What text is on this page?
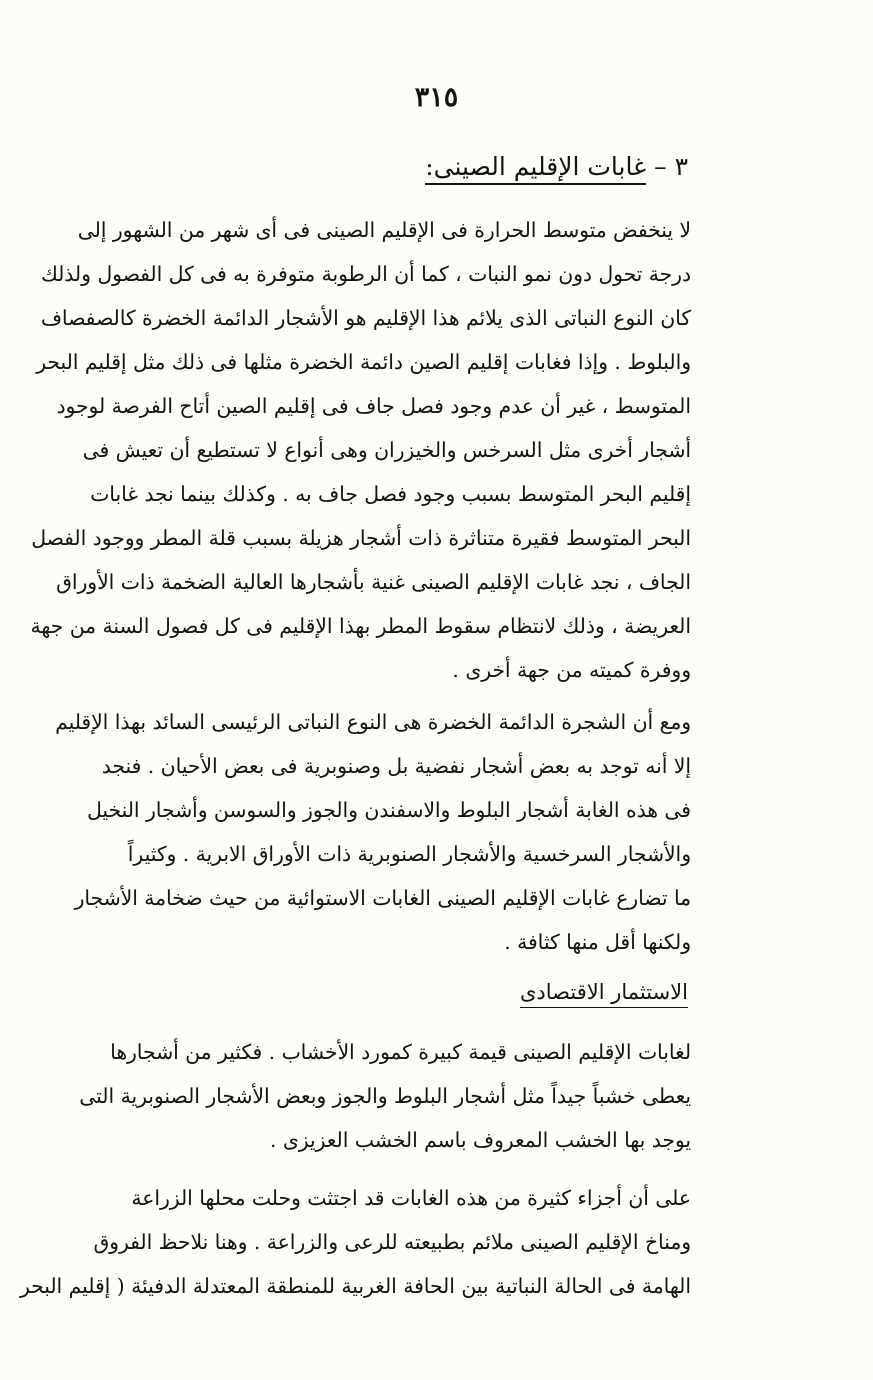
٣١٥
٣ – غابات الإقليم الصينى:
لا ينخفض متوسط الحرارة فى الإقليم الصينى فى أى شهر من الشهور إلى
درجة تحول دون نمو النبات ، كما أن الرطوبة متوفرة به فى كل الفصول ولذلك
كان النوع النباتى الذى يلائم هذا الإقليم هو الأشجار الدائمة الخضرة كالصفصاف
والبلوط . وإذا فغابات إقليم الصين دائمة الخضرة مثلها فى ذلك مثل إقليم البحر
المتوسط ، غير أن عدم وجود فصل جاف فى إقليم الصين أتاح الفرصة لوجود
أشجار أخرى مثل السرخس والخيزران وهى أنواع لا تستطيع أن تعيش فى
إقليم البحر المتوسط بسبب وجود فصل جاف به . وكذلك بينما نجد غابات
البحر المتوسط فقيرة متناثرة ذات أشجار هزيلة بسبب قلة المطر ووجود الفصل
الجاف ، نجد غابات الإقليم الصينى غنية بأشجارها العالية الضخمة ذات الأوراق
العريضة ، وذلك لانتظام سقوط المطر بهذا الإقليم فى كل فصول السنة من جهة
ووفرة كميته من جهة أخرى .
ومع أن الشجرة الدائمة الخضرة هى النوع النباتى الرئيسى السائد بهذا الإقليم
إلا أنه توجد به بعض أشجار نفضية بل وصنوبرية فى بعض الأحيان . فنجد
فى هذه الغابة أشجار البلوط والاسفندن والجوز والسوسن وأشجار النخيل
والأشجار السرخسية والأشجار الصنوبرية ذات الأوراق الابرية . وكثيراً
ما تضارع غابات الإقليم الصينى الغابات الاستوائية من حيث ضخامة الأشجار
ولكنها أقل منها كثافة .
الاستثمار الاقتصادى
لغابات الإقليم الصينى قيمة كبيرة كمورد الأخشاب . فكثير من أشجارها
يعطى خشباً جيداً مثل أشجار البلوط والجوز وبعض الأشجار الصنوبرية التى
يوجد بها الخشب المعروف باسم الخشب العزيزى .
على أن أجزاء كثيرة من هذه الغابات قد اجتثت وحلت محلها الزراعة
ومناخ الإقليم الصينى ملائم بطبيعته للرعى والزراعة . وهنا نلاحظ الفروق
الهامة فى الحالة النباتية بين الحافة الغربية للمنطقة المعتدلة الدفيئة ( إقليم البحر
